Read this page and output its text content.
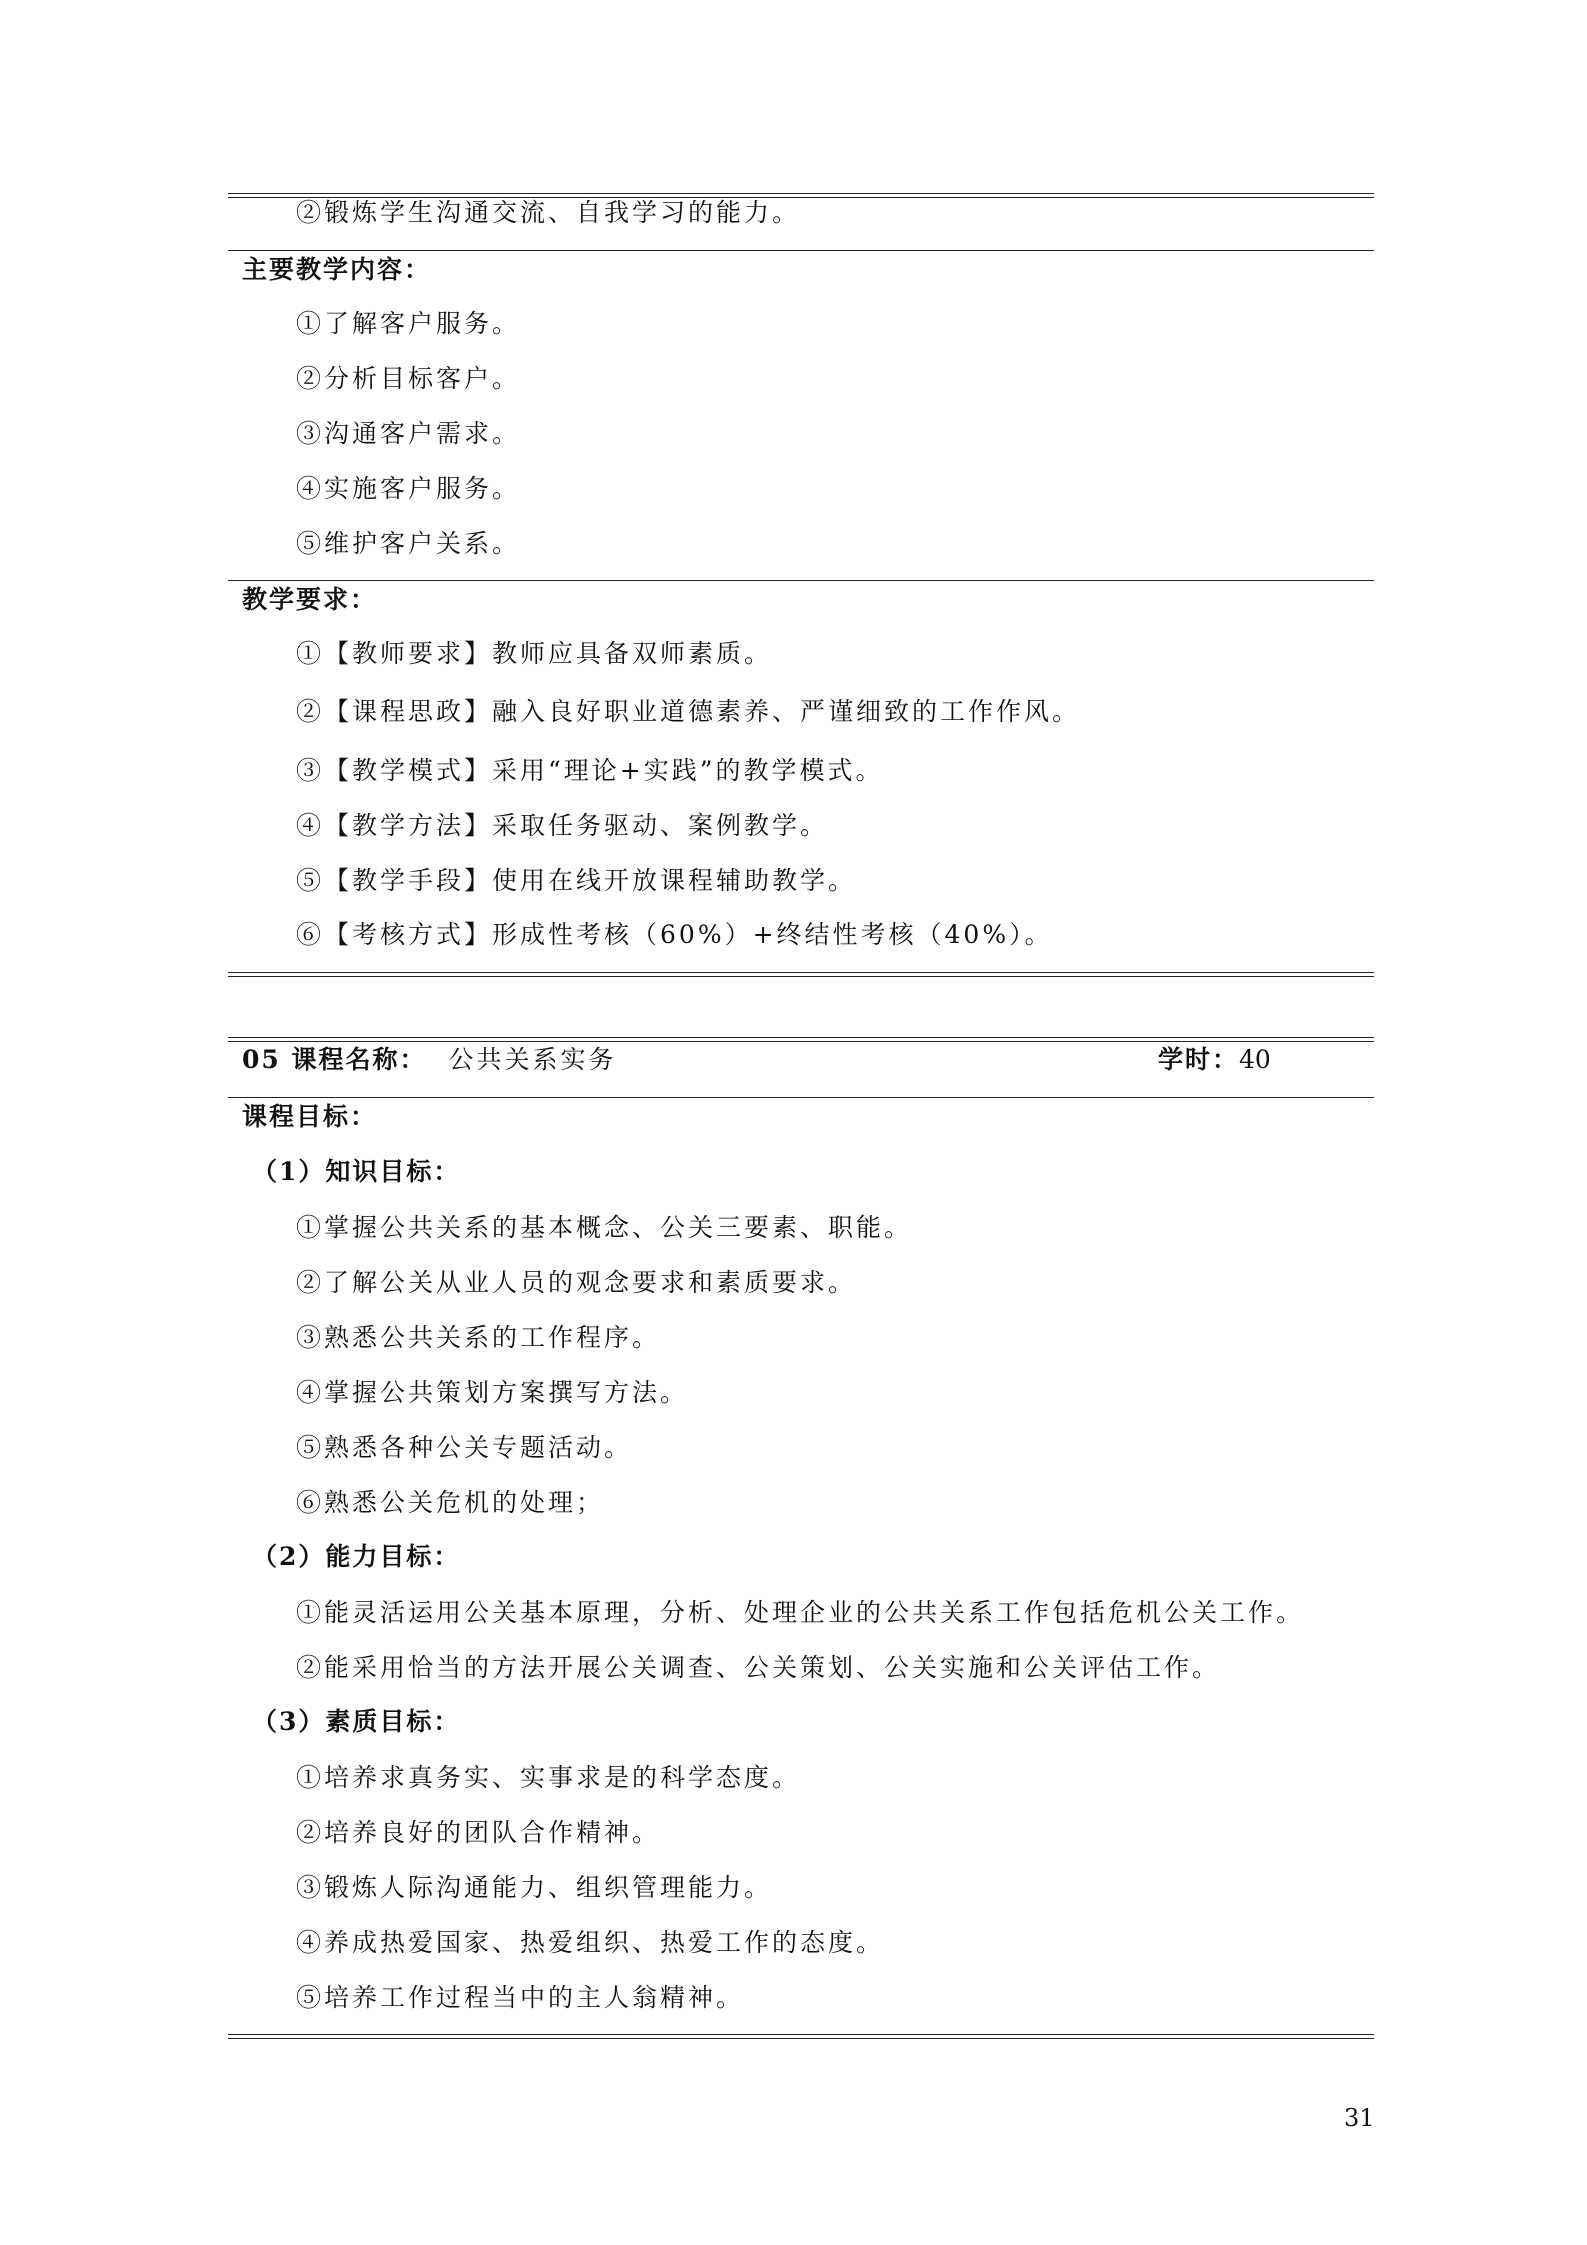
②锻炼学生沟通交流、自我学习的能力。
主要教学内容：
①了解客户服务。
②分析目标客户。
③沟通客户需求。
④实施客户服务。
⑤维护客户关系。
教学要求：
①【教师要求】教师应具备双师素质。
②【课程思政】融入良好职业道德素养、严谨细致的工作作风。
③【教学模式】采用“理论+实践”的教学模式。
④【教学方法】采取任务驱动、案例教学。
⑤【教学手段】使用在线开放课程辅助教学。
⑥【考核方式】形成性考核（60%）+终结性考核（40%）。
05 课程名称： 公共关系实务	学时：40
课程目标：
（1）知识目标：
①掌握公共关系的基本概念、公关三要素、职能。
②了解公关从业人员的观念要求和素质要求。
③熟悉公共关系的工作程序。
④掌握公共策划方案撰写方法。
⑤熟悉各种公关专题活动。
⑥熟悉公关危机的处理；
（2）能力目标：
①能灵活运用公关基本原理，分析、处理企业的公共关系工作包括危机公关工作。
②能采用恰当的方法开展公关调查、公关策划、公关实施和公关评估工作。
（3）素质目标：
①培养求真务实、实事求是的科学态度。
②培养良好的团队合作精神。
③锻炼人际沟通能力、组织管理能力。
④养成热爱国家、热爱组织、热爱工作的态度。
⑤培养工作过程当中的主人翁精神。
31
